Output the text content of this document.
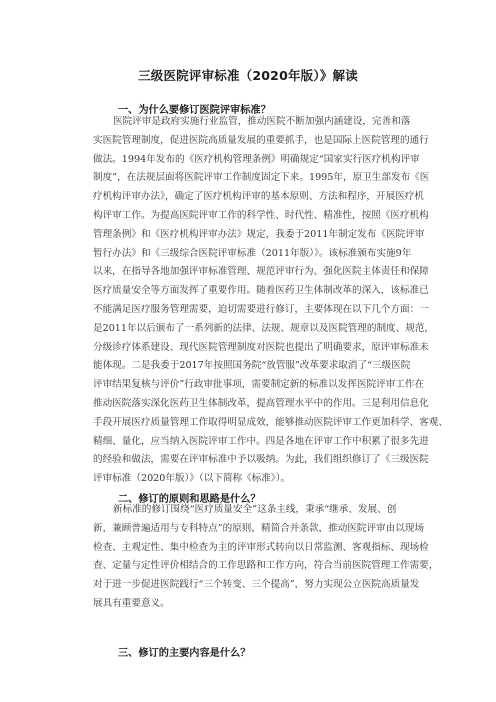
三级医院评审标准（2020年版）》解读
一、为什么要修订医院评审标准？
医院评审是政府实施行业监管，推动医院不断加强内涵建设，完善和落
实医院管理制度，促进医院高质量发展的重要抓手，也是国际上医院管理的通行
做法。1994年发布的《医疗机构管理条例》明确规定“国家实行医疗机构评审
制度”，在法规层面将医院评审工作制度固定下来。1995年，原卫生部发布《医
疗机构评审办法》，确定了医疗机构评审的基本原则、方法和程序，开展医疗机
构评审工作。为提高医院评审工作的科学性、时代性、精准性，按照《医疗机构
管理条例》和《医疗机构评审办法》规定，我委于2011年制定发布《医院评审
暂行办法》和《三级综合医院评审标准（2011年版）》。该标准颁布实施9年
以来，在指导各地加强评审标准管理、规范评审行为、强化医院主体责任和保障
医疗质量安全等方面发挥了重要作用。随着医药卫生体制改革的深入，该标准已
不能满足医疗服务管理需要，迫切需要进行修订，主要体现在以下几个方面：一
是2011年以后颁布了一系列新的法律、法规、规章以及医院管理的制度、规范，
分级诊疗体系建设、现代医院管理制度对医院也提出了明确要求，原评审标准未
能体现。二是我委于2017年按照国务院“放管服”改革要求取消了“三级医院
评审结果复核与评价”行政审批事项，需要制定新的标准以发挥医院评审工作在
推动医院落实深化医药卫生体制改革，提高管理水平中的作用。三是利用信息化
手段开展医疗质量管理工作取得明显成效，能够推动医院评审工作更加科学、客观、
精细、量化，应当纳入医院评审工作中。四是各地在评审工作中积累了很多先进
的经验和做法，需要在评审标准中予以吸纳。为此，我们组织修订了《三级医院
评审标准（2020年版）》（以下简称《标准》）。
二、修订的原则和思路是什么？
新标准的修订围绕“医疗质量安全”这条主线，秉承“继承、发展、创
新，兼顾普遍适用与专科特点”的原则，精简合并条款，推动医院评审由以现场
检查、主观定性、集中检查为主的评审形式转向以日常监测、客观指标、现场检
查、定量与定性评价相结合的工作思路和工作方向，符合当前医院管理工作需要，
对于进一步促进医院践行“三个转变、三个提高”，努力实现公立医院高质量发
展具有重要意义。
三、修订的主要内容是什么？
